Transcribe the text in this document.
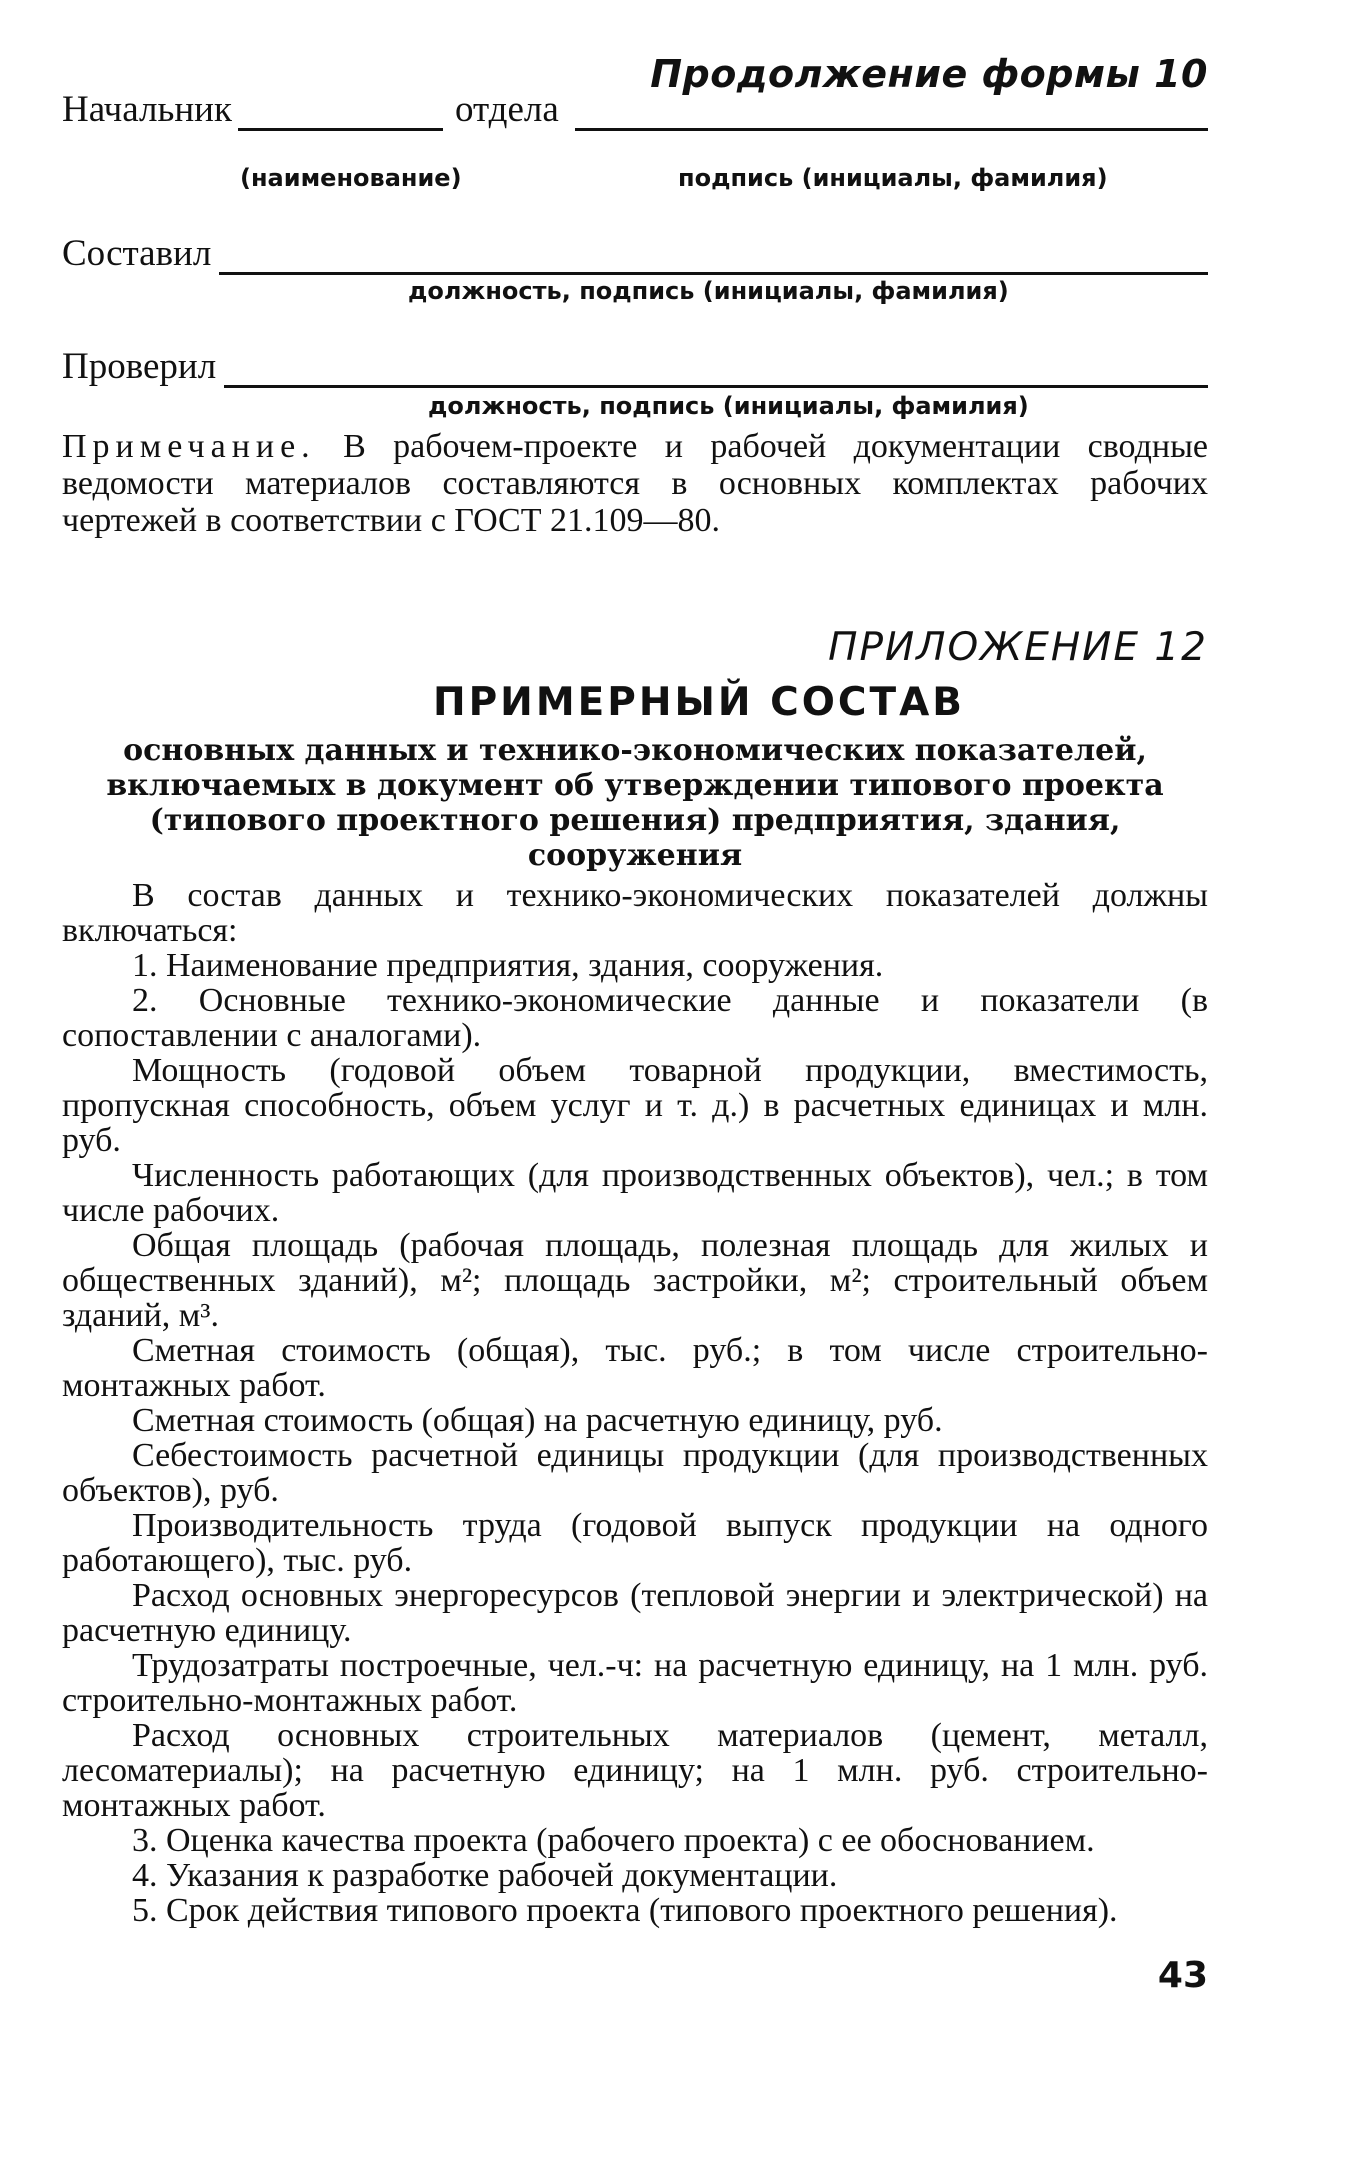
Продолжение формы 10
Начальник	отдела
(наименование)	подпись (инициалы, фамилия)
Составил
должность, подпись (инициалы, фамилия)
Проверил
должность, подпись (инициалы, фамилия)
Примечание. В рабочем-проекте и рабочей документации сводные ведомости материалов составляются в основных комплектах рабочих чертежей в соответствии с ГОСТ 21.109—80.
ПРИЛОЖЕНИЕ 12
ПРИМЕРНЫЙ СОСТАВ
основных данных и технико-экономических показателей, включаемых в документ об утверждении типового проекта (типового проектного решения) предприятия, здания, сооружения

В состав данных и технико-экономических показателей должны включаться:

1. Наименование предприятия, здания, сооружения.

2. Основные технико-экономические данные и показатели (в сопоставлении с аналогами).

Мощность (годовой объем товарной продукции, вместимость, пропускная способность, объем услуг и т. д.) в расчетных единицах и млн. руб.

Численность работающих (для производственных объектов), чел.; в том числе рабочих.

Общая площадь (рабочая площадь, полезная площадь для жилых и общественных зданий), м²; площадь застройки, м²; строительный объем зданий, м³.

Сметная стоимость (общая), тыс. руб.; в том числе строительно-монтажных работ.

Сметная стоимость (общая) на расчетную единицу, руб.

Себестоимость расчетной единицы продукции (для производственных объектов), руб.

Производительность труда (годовой выпуск продукции на одного работающего), тыс. руб.

Расход основных энергоресурсов (тепловой энергии и электрической) на расчетную единицу.

Трудозатраты построечные, чел.-ч: на расчетную единицу, на 1 млн. руб. строительно-монтажных работ.

Расход основных строительных материалов (цемент, металл, лесоматериалы); на расчетную единицу; на 1 млн. руб. строительно-монтажных работ.

3. Оценка качества проекта (рабочего проекта) с ее обоснованием.

4. Указания к разработке рабочей документации.

5. Срок действия типового проекта (типового проектного решения).

43
